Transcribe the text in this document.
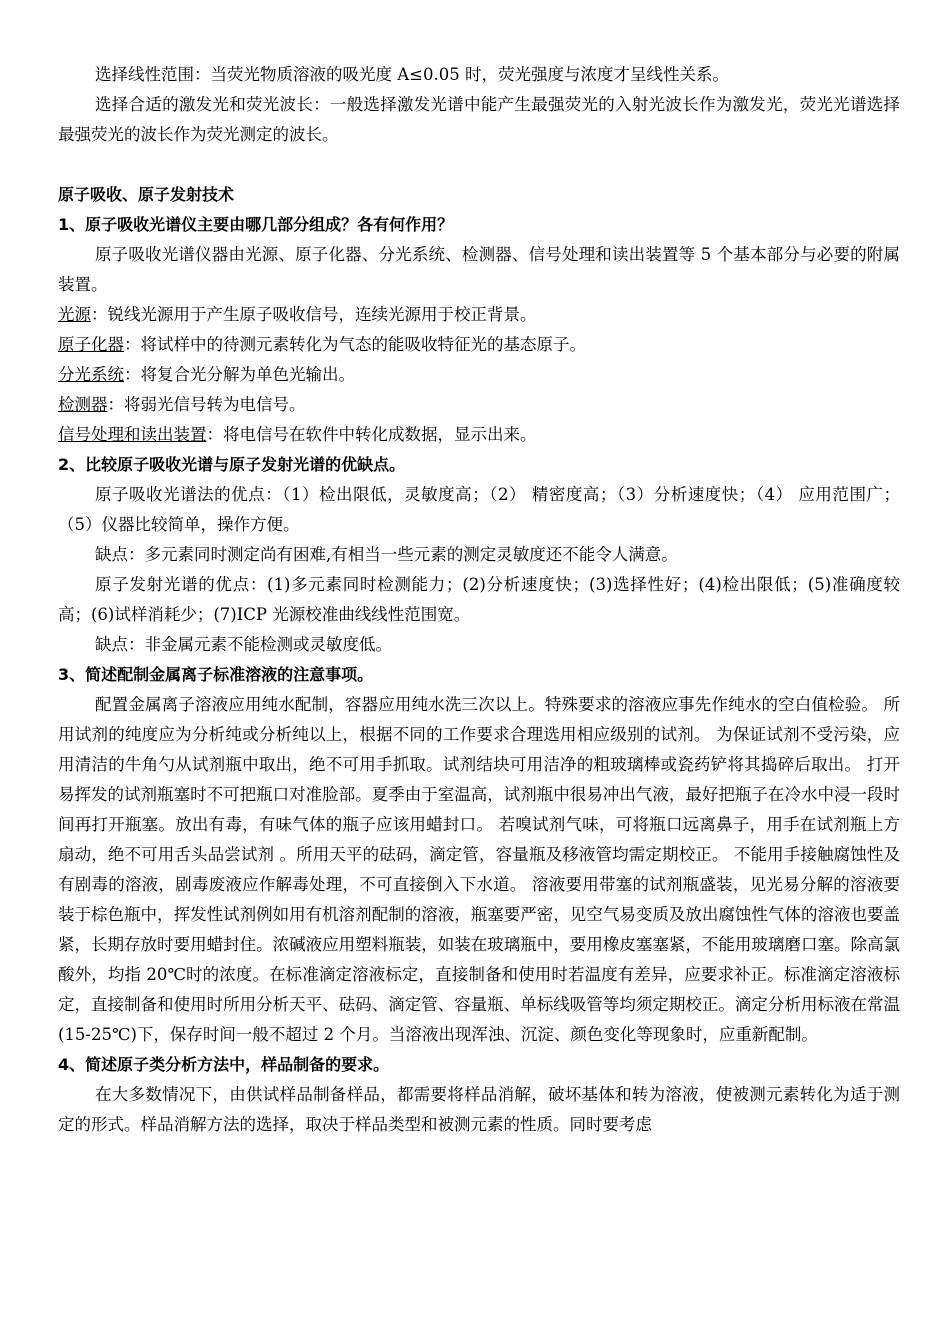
选择线性范围：当荧光物质溶液的吸光度 A≤0.05 时，荧光强度与浓度才呈线性关系。

选择合适的激发光和荧光波长：一般选择激发光谱中能产生最强荧光的入射光波长作为激发光，荧光光谱选择最强荧光的波长作为荧光测定的波长。

原子吸收、原子发射技术

1、原子吸收光谱仪主要由哪几部分组成？各有何作用？

原子吸收光谱仪器由光源、原子化器、分光系统、检测器、信号处理和读出装置等 5 个基本部分与必要的附属装置。

光源：锐线光源用于产生原子吸收信号，连续光源用于校正背景。

原子化器：将试样中的待测元素转化为气态的能吸收特征光的基态原子。

分光系统：将复合光分解为单色光输出。

检测器：将弱光信号转为电信号。

信号处理和读出装置：将电信号在软件中转化成数据，显示出来。

2、比较原子吸收光谱与原子发射光谱的优缺点。

原子吸收光谱法的优点：（1）检出限低，灵敏度高；（2） 精密度高；（3）分析速度快；（4） 应用范围广；（5）仪器比较简单，操作方便。

缺点：多元素同时测定尚有困难,有相当一些元素的测定灵敏度还不能令人满意。

原子发射光谱的优点：(1)多元素同时检测能力；(2)分析速度快；(3)选择性好；(4)检出限低；(5)准确度较高；(6)试样消耗少；(7)ICP 光源校准曲线线性范围宽。

缺点：非金属元素不能检测或灵敏度低。

3、简述配制金属离子标准溶液的注意事项。

配置金属离子溶液应用纯水配制，容器应用纯水洗三次以上。特殊要求的溶液应事先作纯水的空白值检验。 所用试剂的纯度应为分析纯或分析纯以上，根据不同的工作要求合理选用相应级别的试剂。 为保证试剂不受污染，应用清洁的牛角勺从试剂瓶中取出，绝不可用手抓取。试剂结块可用洁净的粗玻璃棒或瓷药铲将其捣碎后取出。 打开易挥发的试剂瓶塞时不可把瓶口对准脸部。夏季由于室温高，试剂瓶中很易冲出气液，最好把瓶子在冷水中浸一段时间再打开瓶塞。放出有毒，有味气体的瓶子应该用蜡封口。 若嗅试剂气味，可将瓶口远离鼻子，用手在试剂瓶上方扇动，绝不可用舌头品尝试剂 。所用天平的砝码，滴定管，容量瓶及移液管均需定期校正。 不能用手接触腐蚀性及有剧毒的溶液，剧毒废液应作解毒处理，不可直接倒入下水道。 溶液要用带塞的试剂瓶盛装，见光易分解的溶液要装于棕色瓶中，挥发性试剂例如用有机溶剂配制的溶液，瓶塞要严密，见空气易变质及放出腐蚀性气体的溶液也要盖紧，长期存放时要用蜡封住。浓碱液应用塑料瓶装，如装在玻璃瓶中，要用橡皮塞塞紧，不能用玻璃磨口塞。除高氯酸外，均指 20℃时的浓度。在标准滴定溶液标定，直接制备和使用时若温度有差异，应要求补正。标准滴定溶液标定，直接制备和使用时所用分析天平、砝码、滴定管、容量瓶、单标线吸管等均须定期校正。滴定分析用标液在常温(15-25℃)下，保存时间一般不超过 2 个月。当溶液出现浑浊、沉淀、颜色变化等现象时，应重新配制。

4、简述原子类分析方法中，样品制备的要求。

在大多数情况下，由供试样品制备样品，都需要将样品消解，破坏基体和转为溶液，使被测元素转化为适于测定的形式。样品消解方法的选择，取决于样品类型和被测元素的性质。同时要考虑
